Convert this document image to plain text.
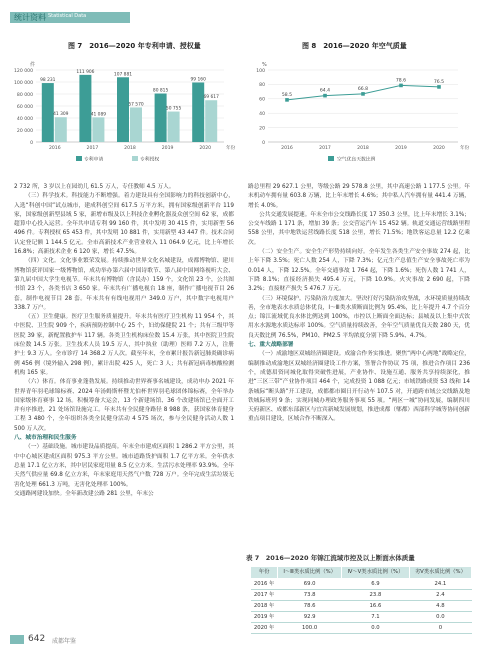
统计资料 Statistical Data
图 7　2016—2020 年专利申请、授权量
件
0
20 000
40 000
60 000
80 000
100 000
120 000
98 231
41 309
2016
111 906
41 089
2017
107 881
57 570
2018
80 815
50 755
2019
99 160
69 617
2020	年份
专利申请	专利授权
图 8　2016—2020 年空气质量
%
0
20
40
60
80
100
58.5
2016
64.4
2017
66.8
2018
78.6
2019
76.5
2020	年份
空气优良天数比例

2 732 所，3 岁以上在园幼儿 61.5 万人，专任教师 4.5 万人。

（三）科学技术。科技能力不断增强。着力建设具有全国影响力的科技创新中心，入选“科创中国”试点城市，建成科创空间 617.5 万平方米，拥有国家级创新平台 119 家，国家级创新型县域 5 家，新增市级及以上科技企业孵化器及众创空间 62 家，成都超算中心投入运营。全年共申请专利 99 160 件，其中发明 30 415 件，实用新型 56 496 件。专利授权 65 453 件，其中发明 10 881 件，实用新型 43 447 件。技术合同认定登记额 1 144.5 亿元。全市高新技术产业营业收入 11 064.9 亿元，比上年增长 16.8%；高新技术企业 6 120 家，增长 47.5%。

（四）文化。文化事业繁荣发展。持续推动世界文化名城建设，成都博物馆、建川博物馆获评国家一级博物馆，成功举办第六届中国诗歌节、第八届中国网络视听大会、第九届中国大学生电视节。年末共有博物馆（含民办）159 个，文化馆 23 个，公共图书馆 23 个，各类书店 3 650 家。年末共有广播电视台 18 座，制作广播电视节目 26 套，制作电视节目 28 套。年末共有有线电视用户 349.0 万户，其中数字电视用户 338.7 万户。

（五）卫生健康。医疗卫生服务质量提升。年末共有医疗卫生机构 11 954 个，其中医院、卫生院 909 个，疾病预防控制中心 25 个，妇幼保健院 21 个；共有三级甲等医院 39 家，新配置救护车 117 辆。各类卫生机构床位数 15.4 万张，其中医院卫生院床位数 14.5 万张。卫生技术人员 19.5 万人，其中执业（助理）医师 7.2 万人，注册护士 9.3 万人。全市诊疗 14 368.2 万人次。截至年末，全市累计报告新冠肺炎确诊病例 456 例（境外输入 298 例），累计出院 425 人，死亡 3 人；共有新冠病毒核酸检测机构 165 家。

（六）体育。体育事业蓬勃发展。持续推动世界赛事名城建设，成功申办 2021 年世界青年羽毛球锦标赛、2024 年汤姆斯杯暨尤伯杯世界羽毛球团体锦标赛，全年举办国家级体育赛事 12 场。积极筹备大运会，13 个新建场馆、36 个改建场馆已全面开工并有序推进，21 处场馆设施完工。年末共有全民健身路径 8 988 条，获国家体育健身工程 3 480 个，全年组织各类全民健身活动 4 575 场次，参与全民健身活动人数 1 500 万人次。

八、城市治理和民生服务

（一）基础设施。城市建设品质提高。年末全市建成区面积 1 286.2 平方公里，其中中心城区建成区面积 975.3 平方公里。城市道路货护面积 1.7 亿平方米。全年供水总量 17.1 亿立方米，其中居民家庭用量 8.5 亿立方米。生活污水处理率 93.9%。全年天然气供应量 69.8 亿立方米，年末家庭用天然气户数 728 万户。全年完成生活垃圾无害化处理 661.3 万吨，无害化处理率 100%。

交通路网建设加快。全年新改建公路 281 公里，年末公

路总里程 29 627.1 公里，等级公路 29 578.8 公里，其中高速公路 1 177.5 公里。年末机动车拥有量 603.8 万辆，比上年末增长 4.6%；其中私人汽车拥有量 441.4 万辆，增长 4.0%。

公共交通发展提速。年末全市公交线路长度 17 350.3 公里，比上年末增长 3.1%；公交车线路 1 171 条，增加 39 条；公交营运汽车 15 452 辆。轨道交通运营线路里程 558 公里，其中地铁运营线路长度 518 公里，增长 71.5%；地铁客运总量 12.2 亿乘次。

（二）安全生产。安全生产形势持续向好。全年发生各类生产安全事故 274 起，比上年下降 3.5%；死亡人数 254 人，下降 7.3%；亿元生产总值生产安全事故死亡率为 0.014 人，下降 12.5%。全年交通事故 1 764 起，下降 1.6%；死伤人数 1 741 人，下降 8.1%；直接经济损失 495.4 万元，下降 10.9%。火灾事故 2 690 起，下降 3.2%；直接财产损失 5 476.7 万元。

（三）环境保护。污染防治力度加大。坚决打好污染防治攻坚战，水环境质量持续改善，全市地表水水质总体优良，I～Ⅲ类水质断面比例为 95.4%，比上年提升 4.7 个百分点；锦江流域优良水体比例达到 100%，市控以上断面全面达标；县城及以上集中式饮用水水源地水质达标率 100%。空气质量持续改善，全年空气质量优良天数 280 天，优良天数比例 76.5%，PM10、PM2.5 平均浓度分别下降 5.9%、4.7%。

七、重大战略部署

（一）成渝地区双城经济圈建设。成渝合作务实推进。聚焦“两中心两地”战略定位，编制推动成渝地区双城经济圈建设工作方案，签署合作协议 75 项，推进合作项目 236 个，成德眉资同城化取得突破性进展，产业协作、设施互通、服务共享持续深化，推进“三区三带”产业协作项目 464 个，完成投资 1 088 亿元；市域铁路成资 S3 线和 14 条城际“断头路”开工建设，成都都市圈日开行动车 107.5 对，开通跨市域公交线路及地铁城际班列 9 条；实现同城办理政务服务事项 55 项。“两区一城”协同发展，编制四川天府新区、成都东部新区与宜宾新城发展规划，推进成都（郫都）西部科学城等协同创新重点项目建设，区域合作不断深入。

表 7　2016—2020 年锦江流域市控及以上断面水体质量
年份	Ⅰ～Ⅲ类水质比例（%）	Ⅳ～Ⅴ类水质比例（%）	劣Ⅴ类水质比例（%）
2016 年	69.0	6.9	24.1
2017 年	73.8	23.8	2.4
2018 年	78.6	16.6	4.8
2019 年	92.9	7.1	0.0
2020 年	100.0	0.0	0
642 成都年鉴
